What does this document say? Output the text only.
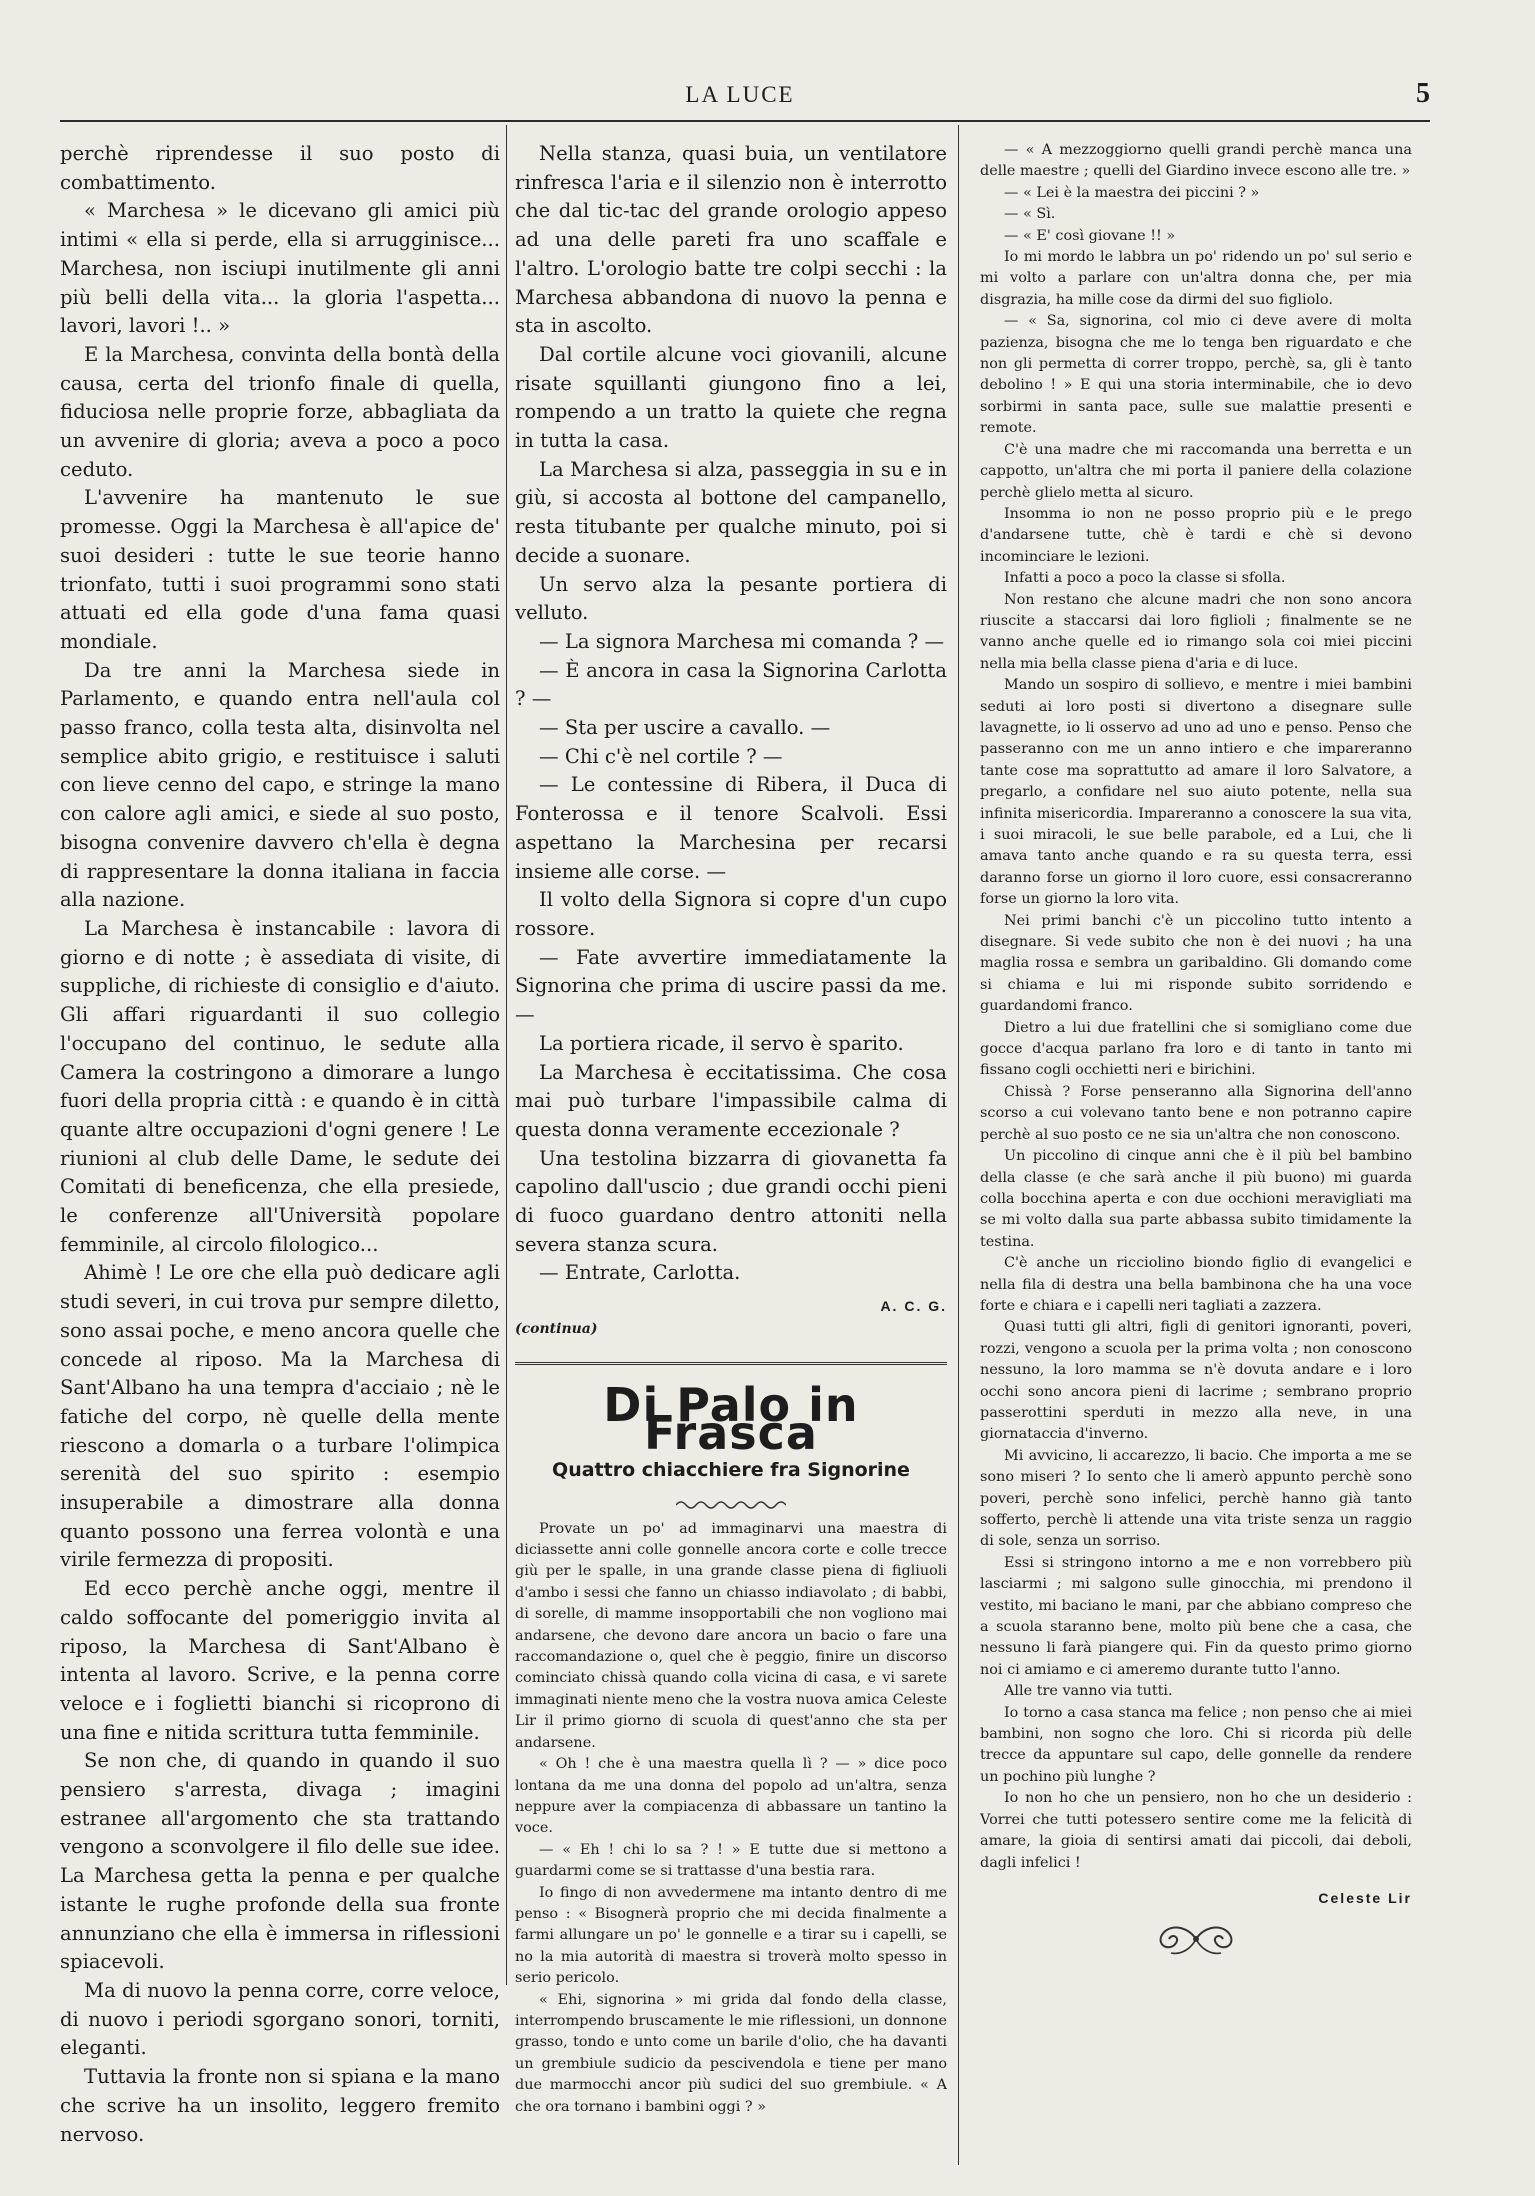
LA LUCE	5

perchè riprendesse il suo posto di combattimento.

« Marchesa » le dicevano gli amici più intimi « ella si perde, ella si arrugginisce... Marchesa, non isciupi inutilmente gli anni più belli della vita... la gloria l'aspetta... lavori, lavori !.. »

E la Marchesa, convinta della bontà della causa, certa del trionfo finale di quella, fiduciosa nelle proprie forze, abbagliata da un avvenire di gloria; aveva a poco a poco ceduto.

L'avvenire ha mantenuto le sue promesse. Oggi la Marchesa è all'apice de' suoi desideri : tutte le sue teorie hanno trionfato, tutti i suoi programmi sono stati attuati ed ella gode d'una fama quasi mondiale.

Da tre anni la Marchesa siede in Parlamento, e quando entra nell'aula col passo franco, colla testa alta, disinvolta nel semplice abito grigio, e restituisce i saluti con lieve cenno del capo, e stringe la mano con calore agli amici, e siede al suo posto, bisogna convenire davvero ch'ella è degna di rappresentare la donna italiana in faccia alla nazione.

La Marchesa è instancabile : lavora di giorno e di notte ; è assediata di visite, di suppliche, di richieste di consiglio e d'aiuto. Gli affari riguardanti il suo collegio l'occupano del continuo, le sedute alla Camera la costringono a dimorare a lungo fuori della propria città : e quando è in città quante altre occupazioni d'ogni genere ! Le riunioni al club delle Dame, le sedute dei Comitati di beneficenza, che ella presiede, le conferenze all'Università popolare femminile, al circolo filologico...

Ahimè ! Le ore che ella può dedicare agli studi severi, in cui trova pur sempre diletto, sono assai poche, e meno ancora quelle che concede al riposo. Ma la Marchesa di Sant'Albano ha una tempra d'acciaio ; nè le fatiche del corpo, nè quelle della mente riescono a domarla o a turbare l'olimpica serenità del suo spirito : esempio insuperabile a dimostrare alla donna quanto possono una ferrea volontà e una virile fermezza di propositi.

Ed ecco perchè anche oggi, mentre il caldo soffocante del pomeriggio invita al riposo, la Marchesa di Sant'Albano è intenta al lavoro. Scrive, e la penna corre veloce e i foglietti bianchi si ricoprono di una fine e nitida scrittura tutta femminile.

Se non che, di quando in quando il suo pensiero s'arresta, divaga ; imagini estranee all'argomento che sta trattando vengono a sconvolgere il filo delle sue idee. La Marchesa getta la penna e per qualche istante le rughe profonde della sua fronte annunziano che ella è immersa in riflessioni spiacevoli.

Ma di nuovo la penna corre, corre veloce, di nuovo i periodi sgorgano sonori, torniti, eleganti.

Tuttavia la fronte non si spiana e la mano che scrive ha un insolito, leggero fremito nervoso.

Nella stanza, quasi buia, un ventilatore rinfresca l'aria e il silenzio non è interrotto che dal tic-tac del grande orologio appeso ad una delle pareti fra uno scaffale e l'altro. L'orologio batte tre colpi secchi : la Marchesa abbandona di nuovo la penna e sta in ascolto.

Dal cortile alcune voci giovanili, alcune risate squillanti giungono fino a lei, rompendo a un tratto la quiete che regna in tutta la casa.

La Marchesa si alza, passeggia in su e in giù, si accosta al bottone del campanello, resta titubante per qualche minuto, poi si decide a suonare.

Un servo alza la pesante portiera di velluto.

— La signora Marchesa mi comanda ? —

— È ancora in casa la Signorina Carlotta ? —

— Sta per uscire a cavallo. —

— Chi c'è nel cortile ? —

— Le contessine di Ribera, il Duca di Fonterossa e il tenore Scalvoli. Essi aspettano la Marchesina per recarsi insieme alle corse. —

Il volto della Signora si copre d'un cupo rossore.

— Fate avvertire immediatamente la Signorina che prima di uscire passi da me. —

La portiera ricade, il servo è sparito.

La Marchesa è eccitatissima. Che cosa mai può turbare l'impassibile calma di questa donna veramente eccezionale ?

Una testolina bizzarra di giovanetta fa capolino dall'uscio ; due grandi occhi pieni di fuoco guardano dentro attoniti nella severa stanza scura.

— Entrate, Carlotta.

A. C. G.
(continua)
Di Palo in Frasca
Quattro chiacchiere fra Signorine

Provate un po' ad immaginarvi una maestra di diciassette anni colle gonnelle ancora corte e colle trecce giù per le spalle, in una grande classe piena di figliuoli d'ambo i sessi che fanno un chiasso indiavolato ; di babbi, di sorelle, di mamme insopportabili che non vogliono mai andarsene, che devono dare ancora un bacio o fare una raccomandazione o, quel che è peggio, finire un discorso cominciato chissà quando colla vicina di casa, e vi sarete immaginati niente meno che la vostra nuova amica Celeste Lir il primo giorno di scuola di quest'anno che sta per andarsene.

« Oh ! che è una maestra quella lì ? — » dice poco lontana da me una donna del popolo ad un'altra, senza neppure aver la compiacenza di abbassare un tantino la voce.

— « Eh ! chi lo sa ? ! » E tutte due si mettono a guardarmi come se si trattasse d'una bestia rara.

Io fingo di non avvedermene ma intanto dentro di me penso : « Bisognerà proprio che mi decida finalmente a farmi allungare un po' le gonnelle e a tirar su i capelli, se no la mia autorità di maestra si troverà molto spesso in serio pericolo.

« Ehi, signorina » mi grida dal fondo della classe, interrompendo bruscamente le mie riflessioni, un donnone grasso, tondo e unto come un barile d'olio, che ha davanti un grembiule sudicio da pescivendola e tiene per mano due marmocchi ancor più sudici del suo grembiule. « A che ora tornano i bambini oggi ? »

— « A mezzoggiorno quelli grandi perchè manca una delle maestre ; quelli del Giardino invece escono alle tre. »

— « Lei è la maestra dei piccini ? »

— « Sì.

— « E' così giovane !! »

Io mi mordo le labbra un po' ridendo un po' sul serio e mi volto a parlare con un'altra donna che, per mia disgrazia, ha mille cose da dirmi del suo figliolo.

— « Sa, signorina, col mio ci deve avere di molta pazienza, bisogna che me lo tenga ben riguardato e che non gli permetta di correr troppo, perchè, sa, gli è tanto debolino ! » E qui una storia interminabile, che io devo sorbirmi in santa pace, sulle sue malattie presenti e remote.

C'è una madre che mi raccomanda una berretta e un cappotto, un'altra che mi porta il paniere della colazione perchè glielo metta al sicuro.

Insomma io non ne posso proprio più e le prego d'andarsene tutte, chè è tardi e chè si devono incominciare le lezioni.

Infatti a poco a poco la classe si sfolla.

Non restano che alcune madri che non sono ancora riuscite a staccarsi dai loro figlioli ; finalmente se ne vanno anche quelle ed io rimango sola coi miei piccini nella mia bella classe piena d'aria e di luce.

Mando un sospiro di sollievo, e mentre i miei bambini seduti ai loro posti si divertono a disegnare sulle lavagnette, io li osservo ad uno ad uno e penso. Penso che passeranno con me un anno intiero e che impareranno tante cose ma soprattutto ad amare il loro Salvatore, a pregarlo, a confidare nel suo aiuto potente, nella sua infinita misericordia. Impareranno a conoscere la sua vita, i suoi miracoli, le sue belle parabole, ed a Lui, che li amava tanto anche quando e ra su questa terra, essi daranno forse un giorno il loro cuore, essi consacreranno forse un giorno la loro vita.

Nei primi banchi c'è un piccolino tutto intento a disegnare. Si vede subito che non è dei nuovi ; ha una maglia rossa e sembra un garibaldino. Gli domando come si chiama e lui mi risponde subito sorridendo e guardandomi franco.

Dietro a lui due fratellini che si somigliano come due gocce d'acqua parlano fra loro e di tanto in tanto mi fissano cogli occhietti neri e birichini.

Chissà ? Forse penseranno alla Signorina dell'anno scorso a cui volevano tanto bene e non potranno capire perchè al suo posto ce ne sia un'altra che non conoscono.

Un piccolino di cinque anni che è il più bel bambino della classe (e che sarà anche il più buono) mi guarda colla bocchina aperta e con due occhioni meravigliati ma se mi volto dalla sua parte abbassa subito timidamente la testina.

C'è anche un ricciolino biondo figlio di evangelici e nella fila di destra una bella bambinona che ha una voce forte e chiara e i capelli neri tagliati a zazzera.

Quasi tutti gli altri, figli di genitori ignoranti, poveri, rozzi, vengono a scuola per la prima volta ; non conoscono nessuno, la loro mamma se n'è dovuta andare e i loro occhi sono ancora pieni di lacrime ; sembrano proprio passerottini sperduti in mezzo alla neve, in una giornataccia d'inverno.

Mi avvicino, li accarezzo, li bacio. Che importa a me se sono miseri ? Io sento che li amerò appunto perchè sono poveri, perchè sono infelici, perchè hanno già tanto sofferto, perchè li attende una vita triste senza un raggio di sole, senza un sorriso.

Essi si stringono intorno a me e non vorrebbero più lasciarmi ; mi salgono sulle ginocchia, mi prendono il vestito, mi baciano le mani, par che abbiano compreso che a scuola staranno bene, molto più bene che a casa, che nessuno li farà piangere qui. Fin da questo primo giorno noi ci amiamo e ci ameremo durante tutto l'anno.

Alle tre vanno via tutti.

Io torno a casa stanca ma felice ; non penso che ai miei bambini, non sogno che loro. Chi si ricorda più delle trecce da appuntare sul capo, delle gonnelle da rendere un pochino più lunghe ?

Io non ho che un pensiero, non ho che un desiderio : Vorrei che tutti potessero sentire come me la felicità di amare, la gioia di sentirsi amati dai piccoli, dai deboli, dagli infelici !

Celeste Lir
